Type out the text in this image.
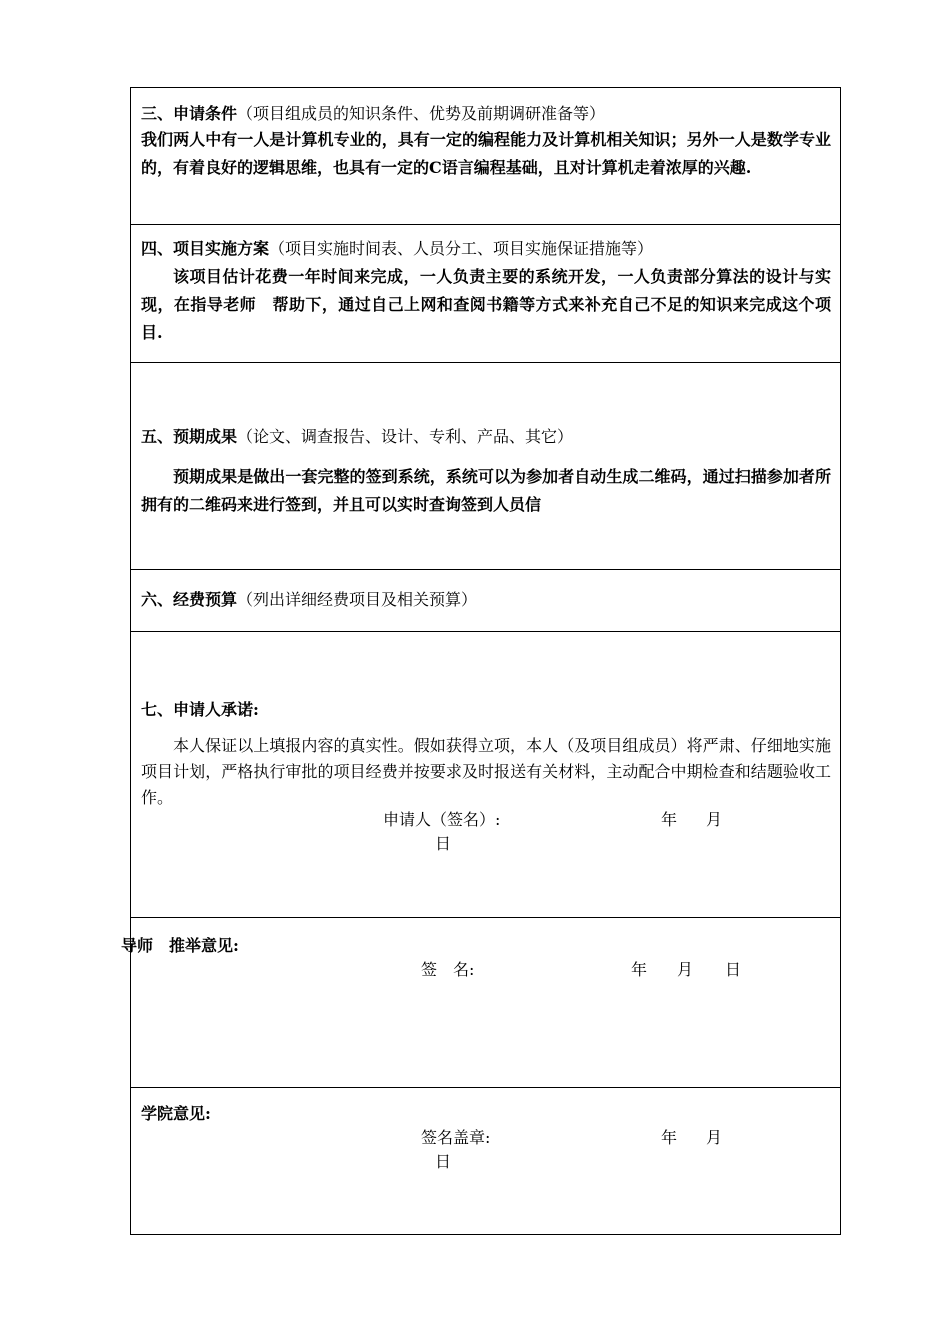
三、申请条件（项目组成员的知识条件、优势及前期调研准备等）
我们两人中有一人是计算机专业的，具有一定的编程能力及计算机相关知识；另外一人是数学专业的，有着良好的逻辑思维，也具有一定的C语言编程基础，且对计算机走着浓厚的兴趣.
四、项目实施方案（项目实施时间表、人员分工、项目实施保证措施等）
该项目估计花费一年时间来完成，一人负责主要的系统开发，一人负责部分算法的设计与实现，在指导老师　帮助下，通过自己上网和查阅书籍等方式来补充自己不足的知识来完成这个项目.
五、预期成果（论文、调查报告、设计、专利、产品、其它）
预期成果是做出一套完整的签到系统，系统可以为参加者自动生成二维码，通过扫描参加者所拥有的二维码来进行签到，并且可以实时查询签到人员信
六、经费预算（列出详细经费项目及相关预算）
七、申请人承诺:
本人保证以上填报内容的真实性。假如获得立项，本人（及项目组成员）将严肃、仔细地实施项目计划，严格执行审批的项目经费并按要求及时报送有关材料，主动配合中期检查和结题验收工作。
申请人（签名）:	年 月
日
导师　推举意见:
签　名:	年 月 日
学院意见:
签名盖章:	年 月
日
